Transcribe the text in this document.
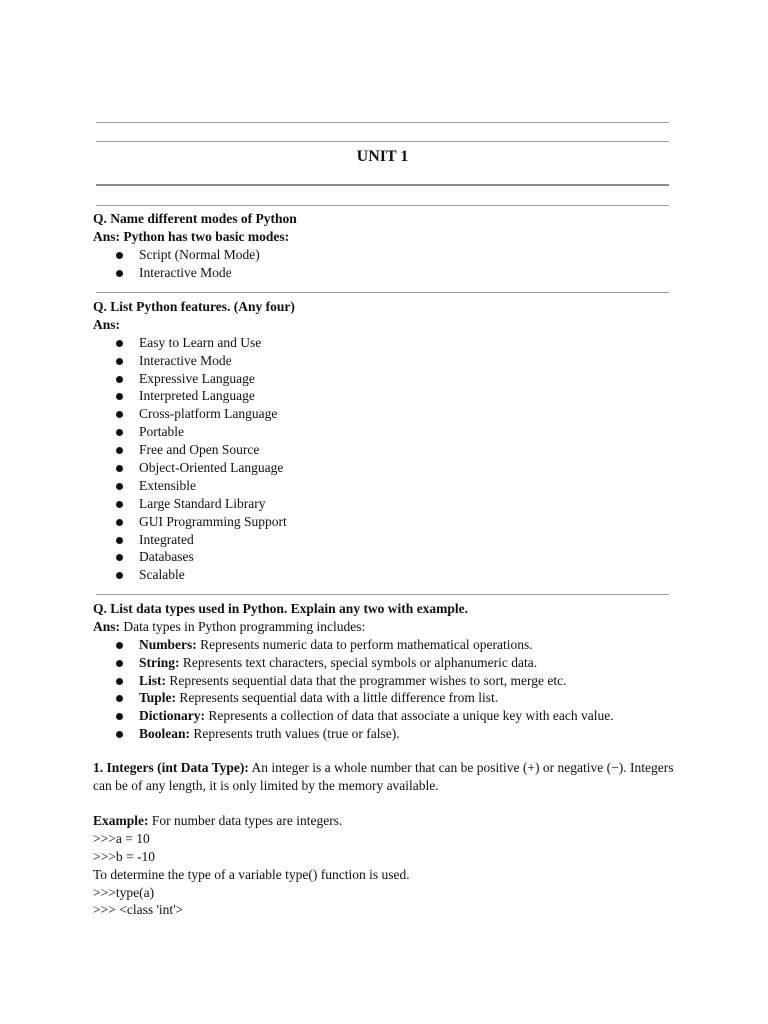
UNIT 1
Q. Name different modes of Python
Ans: Python has two basic modes:
Script (Normal Mode)
Interactive Mode
Q. List Python features. (Any four)
Ans:
Easy to Learn and Use
Interactive Mode
Expressive Language
Interpreted Language
Cross-platform Language
Portable
Free and Open Source
Object-Oriented Language
Extensible
Large Standard Library
GUI Programming Support
Integrated
Databases
Scalable
Q. List data types used in Python. Explain any two with example.
Ans: Data types in Python programming includes:
Numbers: Represents numeric data to perform mathematical operations.
String: Represents text characters, special symbols or alphanumeric data.
List: Represents sequential data that the programmer wishes to sort, merge etc.
Tuple: Represents sequential data with a little difference from list.
Dictionary: Represents a collection of data that associate a unique key with each value.
Boolean: Represents truth values (true or false).
1. Integers (int Data Type): An integer is a whole number that can be positive (+) or negative (−). Integers can be of any length, it is only limited by the memory available.
Example: For number data types are integers.
>>>a = 10
>>>b = -10
To determine the type of a variable type() function is used.
>>>type(a)
>>> <class 'int'>
